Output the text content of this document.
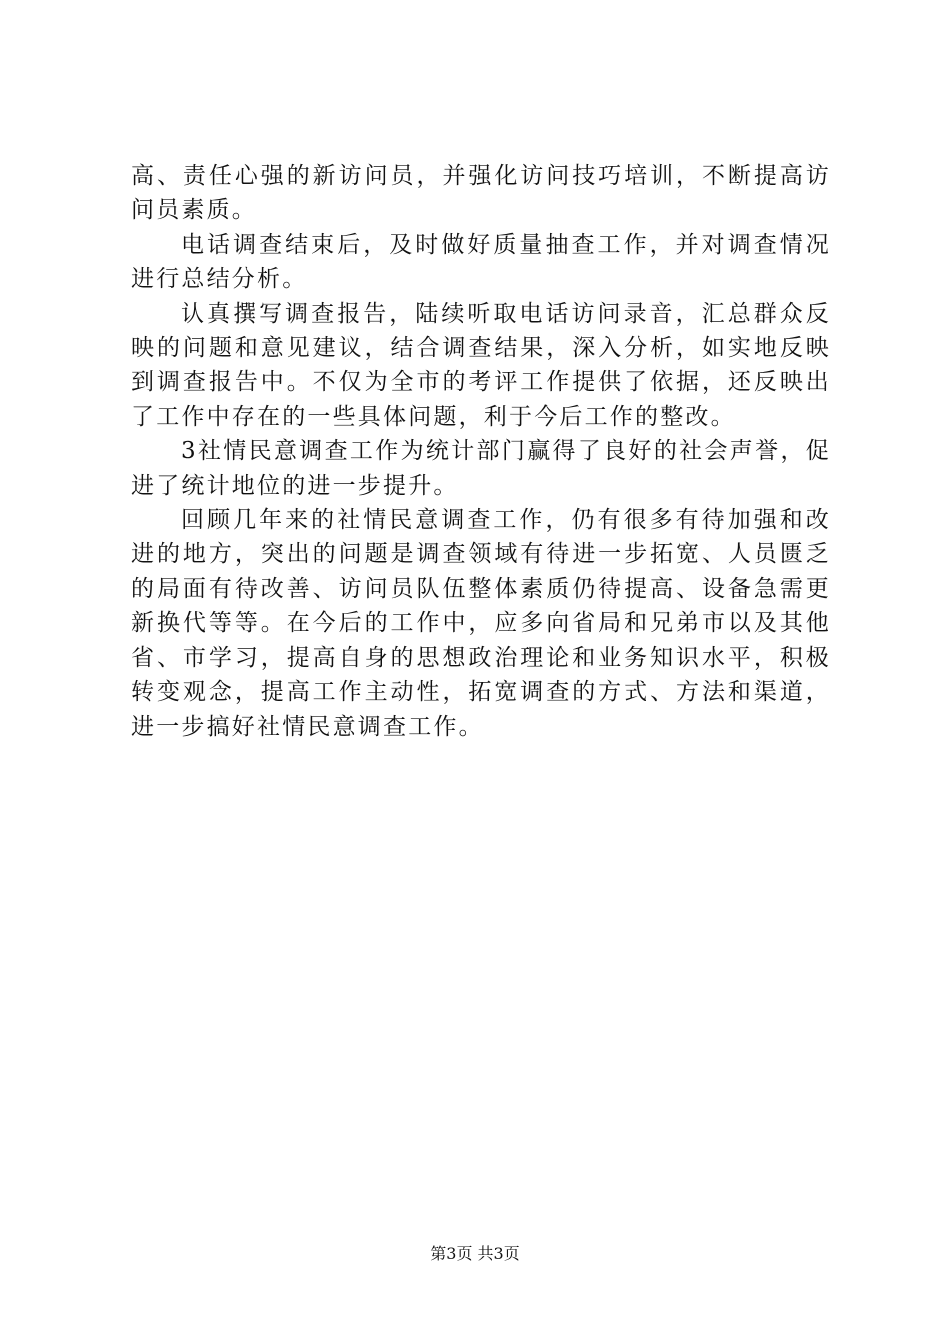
高、责任心强的新访问员，并强化访问技巧培训，不断提高访问员素质。

电话调查结束后，及时做好质量抽查工作，并对调查情况进行总结分析。

认真撰写调查报告，陆续听取电话访问录音，汇总群众反映的问题和意见建议，结合调查结果，深入分析，如实地反映到调查报告中。不仅为全市的考评工作提供了依据，还反映出了工作中存在的一些具体问题，利于今后工作的整改。

3社情民意调查工作为统计部门赢得了良好的社会声誉，促进了统计地位的进一步提升。

回顾几年来的社情民意调查工作，仍有很多有待加强和改进的地方，突出的问题是调查领域有待进一步拓宽、人员匮乏的局面有待改善、访问员队伍整体素质仍待提高、设备急需更新换代等等。在今后的工作中，应多向省局和兄弟市以及其他省、市学习，提高自身的思想政治理论和业务知识水平，积极转变观念，提高工作主动性，拓宽调查的方式、方法和渠道，进一步搞好社情民意调查工作。

第3页 共3页
